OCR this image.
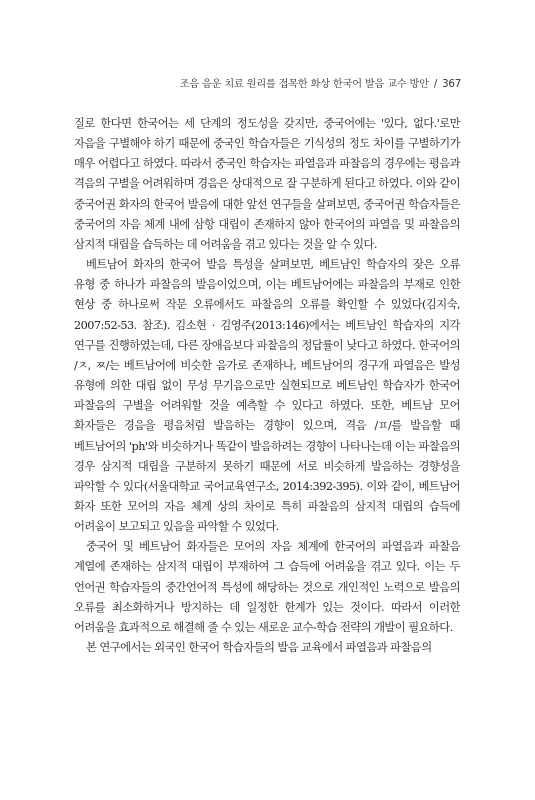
조음 음운 치료 원리를 접목한 화상 한국어 발음 교수 방안 / 367

질로 한다면 한국어는 세 단계의 정도성을 갖지만, 중국어에는 '있다, 없다.'로만 자음을 구별해야 하기 때문에 중국인 학습자들은 기식성의 정도 차이를 구별하기가 매우 어렵다고 하였다. 따라서 중국인 학습자는 파열음과 파찰음의 경우에는 평음과 격음의 구별을 어려워하며 경음은 상대적으로 잘 구분하게 된다고 하였다. 이와 같이 중국어권 화자의 한국어 발음에 대한 앞선 연구들을 살펴보면, 중국어권 학습자들은 중국어의 자음 체계 내에 삼항 대립이 존재하지 않아 한국어의 파열음 및 파찰음의 삼지적 대립을 습득하는 데 어려움을 겪고 있다는 것을 알 수 있다.

베트남어 화자의 한국어 발음 특성을 살펴보면, 베트남인 학습자의 잦은 오류 유형 중 하나가 파찰음의 발음이었으며, 이는 베트남어에는 파찰음의 부재로 인한 현상 중 하나로써 작문 오류에서도 파찰음의 오류를 확인할 수 있었다(김지숙, 2007:52-53. 참조). 김소현 · 김영주(2013:146)에서는 베트남인 학습자의 지각 연구를 진행하였는데, 다른 장애음보다 파찰음의 정답률이 낮다고 하였다. 한국어의 /ㅈ, ㅉ/는 베트남어에 비슷한 음가로 존재하나, 베트남어의 경구개 파열음은 발성 유형에 의한 대립 없이 무성 무기음으로만 실현되므로 베트남인 학습자가 한국어 파찰음의 구별을 어려워할 것을 예측할 수 있다고 하였다. 또한, 베트남 모어 화자들은 경음을 평음처럼 발음하는 경향이 있으며, 격음 /ㅍ/를 발음할 때 베트남어의 'ph'와 비슷하거나 똑같이 발음하려는 경향이 나타나는데 이는 파찰음의 경우 삼지적 대립을 구분하지 못하기 때문에 서로 비슷하게 발음하는 경향성을 파악할 수 있다(서울대학교 국어교육연구소, 2014:392-395). 이와 같이, 베트남어 화자 또한 모어의 자음 체계 상의 차이로 특히 파찰음의 삼지적 대립의 습득에 어려움이 보고되고 있음을 파악할 수 있었다.

중국어 및 베트남어 화자들은 모어의 자음 체계에 한국어의 파열음과 파찰음 계열에 존재하는 삼지적 대립이 부재하여 그 습득에 어려움을 겪고 있다. 이는 두 언어권 학습자들의 중간언어적 특성에 해당하는 것으로 개인적인 노력으로 발음의 오류를 최소화하거나 방지하는 데 일정한 한계가 있는 것이다. 따라서 이러한 어려움을 효과적으로 해결해 줄 수 있는 새로운 교수-학습 전략의 개발이 필요하다.

본 연구에서는 외국인 한국어 학습자들의 발음 교육에서 파열음과 파찰음의
